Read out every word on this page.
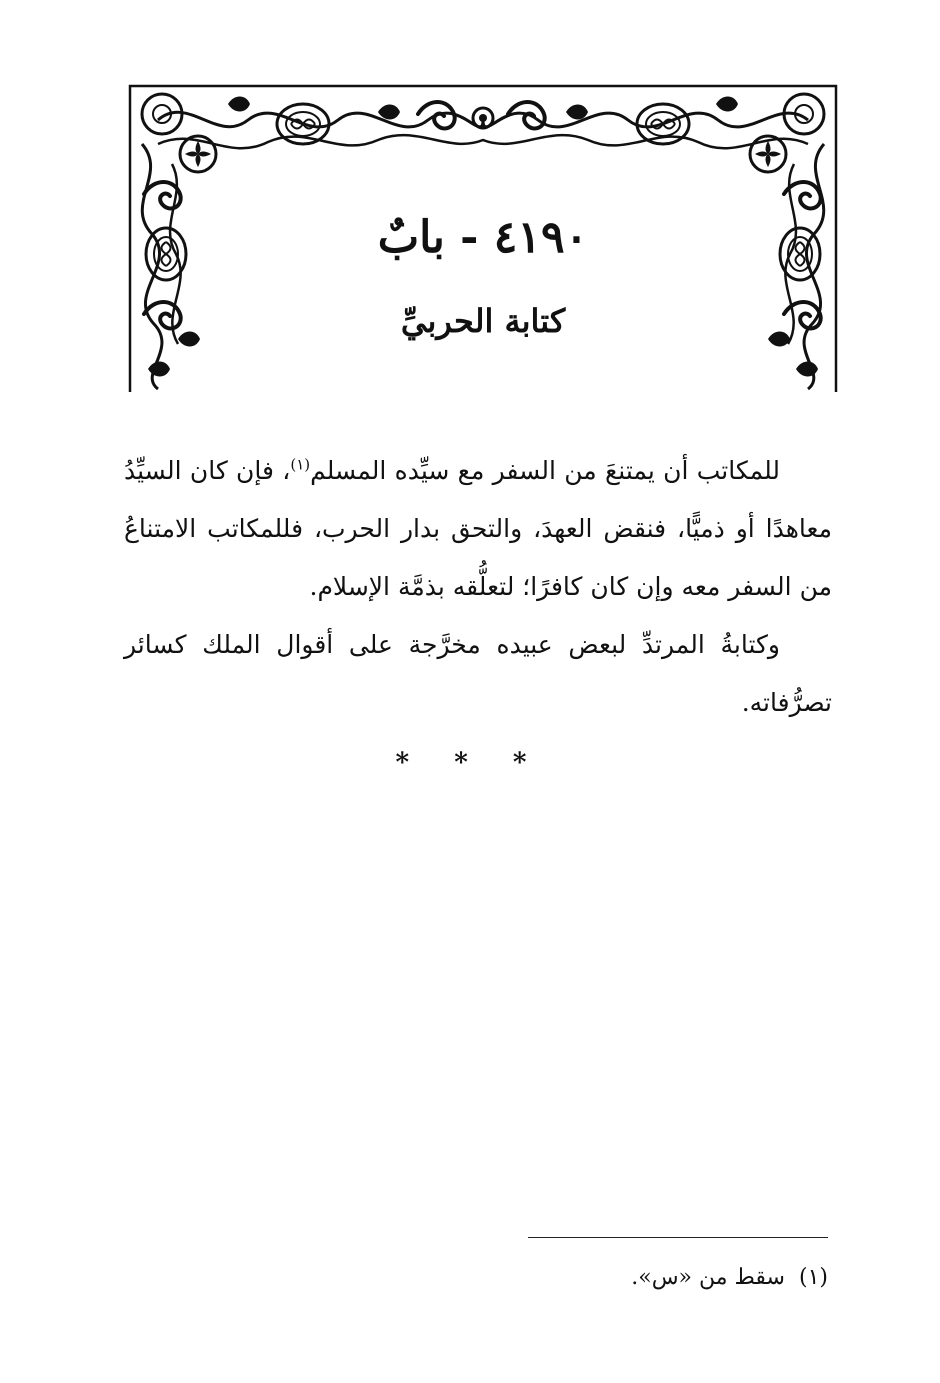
٤١٩٠ - بابٌ
كتابة الحربيِّ

للمكاتب أن يمتنعَ من السفر مع سيِّده المسلم$^{(١)}$، فإن كان السيِّدُ معاهدًا أو ذميًّا، فنقض العهدَ، والتحق بدار الحرب، فللمكاتب الامتناعُ من السفر معه وإن كان كافرًا؛ لتعلُّقه بذمَّة الإسلام.

وكتابةُ المرتدِّ لبعض عبيده مخرَّجة على أقوال الملك كسائر تصرُّفاته.

* * *
(١)سقط من «س».
